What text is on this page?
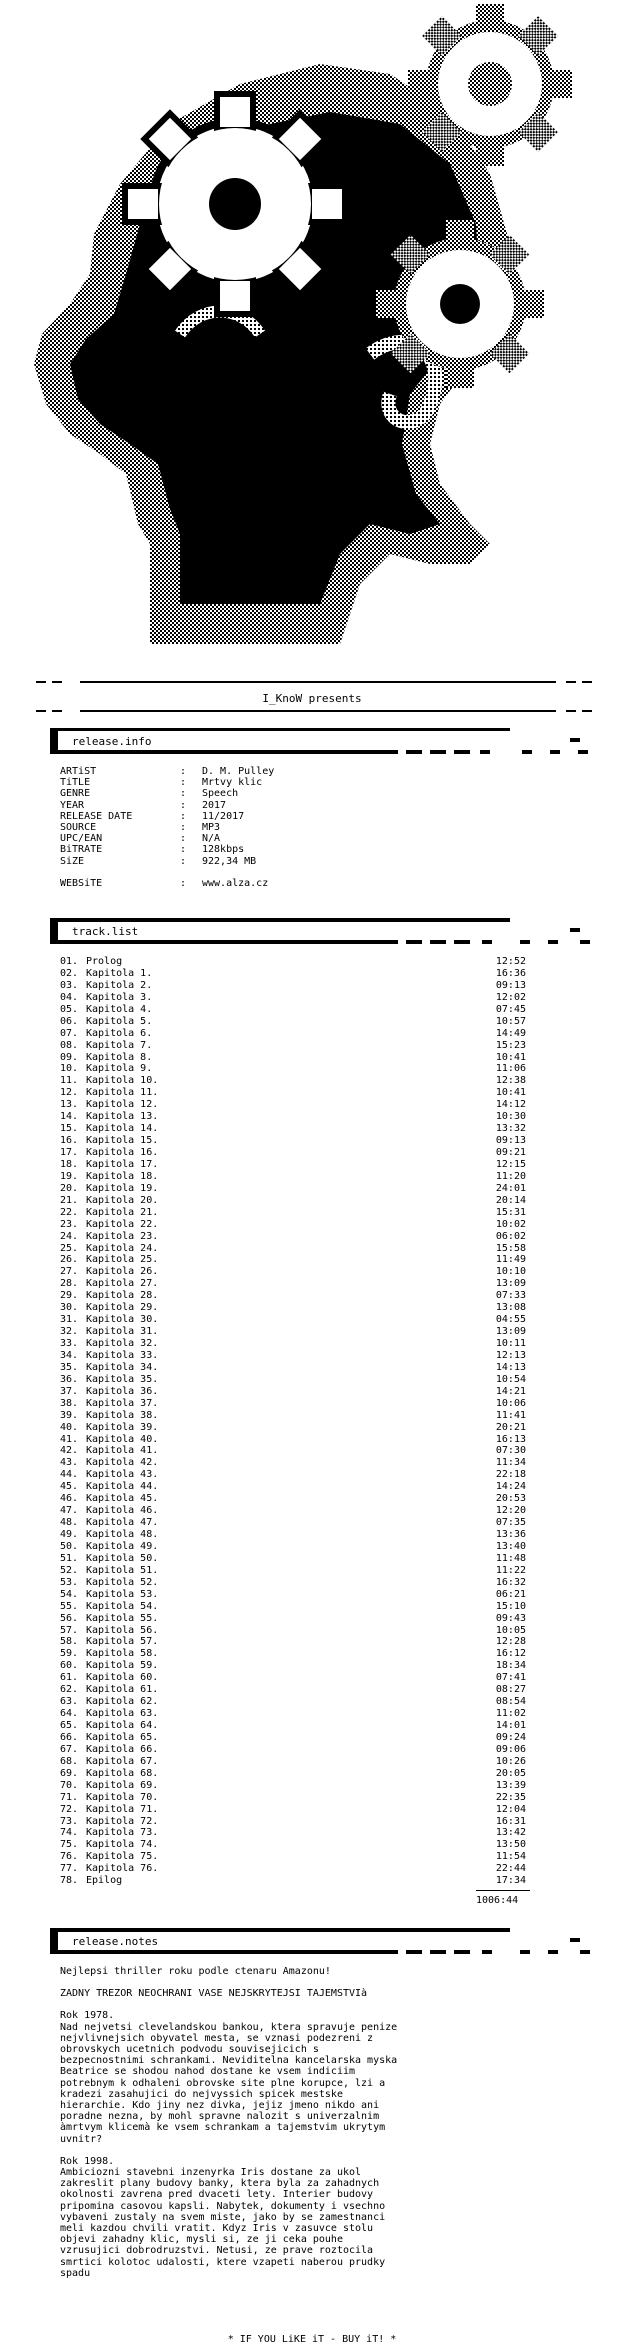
I_KnoW presents
release.info
ARTiST	:	D. M. Pulley
TiTLE	:	Mrtvy klic
GENRE	:	Speech
YEAR	:	2017
RELEASE DATE	:	11/2017
SOURCE	:	MP3
UPC/EAN	:	N/A
BiTRATE	:	128kbps
SiZE	:	922,34 MB
WEBSiTE	:	www.alza.cz
track.list
01. Prolog	12:52
02. Kapitola 1.	16:36
03. Kapitola 2.	09:13
04. Kapitola 3.	12:02
05. Kapitola 4.	07:45
06. Kapitola 5.	10:57
07. Kapitola 6.	14:49
08. Kapitola 7.	15:23
09. Kapitola 8.	10:41
10. Kapitola 9.	11:06
11. Kapitola 10.	12:38
12. Kapitola 11.	10:41
13. Kapitola 12.	14:12
14. Kapitola 13.	10:30
15. Kapitola 14.	13:32
16. Kapitola 15.	09:13
17. Kapitola 16.	09:21
18. Kapitola 17.	12:15
19. Kapitola 18.	11:20
20. Kapitola 19.	24:01
21. Kapitola 20.	20:14
22. Kapitola 21.	15:31
23. Kapitola 22.	10:02
24. Kapitola 23.	06:02
25. Kapitola 24.	15:58
26. Kapitola 25.	11:49
27. Kapitola 26.	10:10
28. Kapitola 27.	13:09
29. Kapitola 28.	07:33
30. Kapitola 29.	13:08
31. Kapitola 30.	04:55
32. Kapitola 31.	13:09
33. Kapitola 32.	10:11
34. Kapitola 33.	12:13
35. Kapitola 34.	14:13
36. Kapitola 35.	10:54
37. Kapitola 36.	14:21
38. Kapitola 37.	10:06
39. Kapitola 38.	11:41
40. Kapitola 39.	20:21
41. Kapitola 40.	16:13
42. Kapitola 41.	07:30
43. Kapitola 42.	11:34
44. Kapitola 43.	22:18
45. Kapitola 44.	14:24
46. Kapitola 45.	20:53
47. Kapitola 46.	12:20
48. Kapitola 47.	07:35
49. Kapitola 48.	13:36
50. Kapitola 49.	13:40
51. Kapitola 50.	11:48
52. Kapitola 51.	11:22
53. Kapitola 52.	16:32
54. Kapitola 53.	06:21
55. Kapitola 54.	15:10
56. Kapitola 55.	09:43
57. Kapitola 56.	10:05
58. Kapitola 57.	12:28
59. Kapitola 58.	16:12
60. Kapitola 59.	18:34
61. Kapitola 60.	07:41
62. Kapitola 61.	08:27
63. Kapitola 62.	08:54
64. Kapitola 63.	11:02
65. Kapitola 64.	14:01
66. Kapitola 65.	09:24
67. Kapitola 66.	09:06
68. Kapitola 67.	10:26
69. Kapitola 68.	20:05
70. Kapitola 69.	13:39
71. Kapitola 70.	22:35
72. Kapitola 71.	12:04
73. Kapitola 72.	16:31
74. Kapitola 73.	13:42
75. Kapitola 74.	13:50
76. Kapitola 75.	11:54
77. Kapitola 76.	22:44
78. Epilog	17:34
1006:44
release.notes

Nejlepsi thriller roku podle ctenaru Amazonu!

ZADNY TREZOR NEOCHRANI VASE NEJSKRYTEJSI TAJEMSTVIà

Rok 1978.
Nad nejvetsi clevelandskou bankou, ktera spravuje penize
nejvlivnejsich obyvatel mesta, se vznasi podezreni z
obrovskych ucetnich podvodu souvisejicich s
bezpecnostnimi schrankami. Neviditelna kancelarska myska
Beatrice se shodou nahod dostane ke vsem indiciim
potrebnym k odhaleni obrovske site plne korupce, lzi a
kradezi zasahujici do nejvyssich spicek mestske
hierarchie. Kdo jiny nez divka, jejiz jmeno nikdo ani
poradne nezna, by mohl spravne nalozit s univerzalnim
àmrtvym klicemà ke vsem schrankam a tajemstvim ukrytym
uvnitr?

Rok 1998.
Ambiciozni stavebni inzenyrka Iris dostane za ukol
zakreslit plany budovy banky, ktera byla za zahadnych
okolnosti zavrena pred dvaceti lety. Interier budovy
pripomina casovou kapsli. Nabytek, dokumenty i vsechno
vybaveni zustaly na svem miste, jako by se zamestnanci
meli kazdou chvili vratit. Kdyz Iris v zasuvce stolu
objevi zahadny klic, mysli si, ze ji ceka pouhe
vzrusujici dobrodruzstvi. Netusi, ze prave roztocila
smrtici kolotoc udalosti, ktere vzapeti naberou prudky
spadu

* IF YOU LiKE iT - BUY iT! *
